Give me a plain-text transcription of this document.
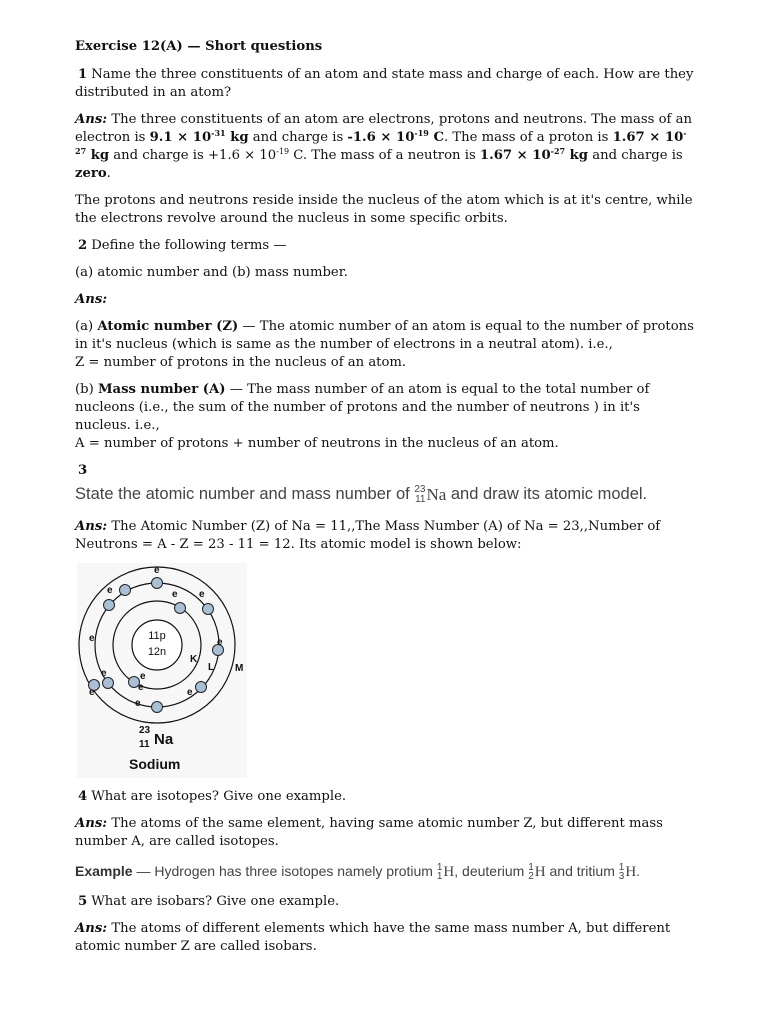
Exercise 12(A) — Short questions

1 Name the three constituents of an atom and state mass and charge of each. How are they distributed in an atom?

Ans: The three constituents of an atom are electrons, protons and neutrons. The mass of an electron is $9.1 \times 10^{-31}$ kg and charge is $-1.6 \times 10^{-19}$ C. The mass of a proton is $1.67 \times 10^{-27}$ kg and charge is $+1.6 \times 10^{-19}$ C. The mass of a neutron is $1.67 \times 10^{-27}$ kg and charge is zero.

The protons and neutrons reside inside the nucleus of the atom which is at it's centre, while the electrons revolve around the nucleus in some specific orbits.

2 Define the following terms —

(a) atomic number and (b) mass number.

Ans:

(a) Atomic number (Z) — The atomic number of an atom is equal to the number of protons in it's nucleus (which is same as the number of electrons in a neutral atom). i.e.,
Z = number of protons in the nucleus of an atom.

(b) Mass number (A) — The mass number of an atom is equal to the total number of nucleons (i.e., the sum of the number of protons and the number of neutrons ) in it's nucleus. i.e.,
A = number of protons + number of neutrons in the nucleus of an atom.

3

State the atomic number and mass number of 23
11 Na and draw its atomic model.

Ans: The Atomic Number (Z) of Na = 11,,The Mass Number (A) of Na = 23,,Number of Neutrons = A - Z = 23 - 11 = 12. Its atomic model is shown below:

11p
12n
e
e	e e
e	e
e
e
e	e	e
e
K
L M
23
11 Na
Sodium

4 What are isotopes? Give one example.

Ans: The atoms of the same element, having same atomic number Z, but different mass number A, are called isotopes.

Example — Hydrogen has three isotopes namely protium 1
1 H , deuterium 1
2 H and tritium 1
3 H .

5 What are isobars? Give one example.

Ans: The atoms of different elements which have the same mass number A, but different atomic number Z are called isobars.
